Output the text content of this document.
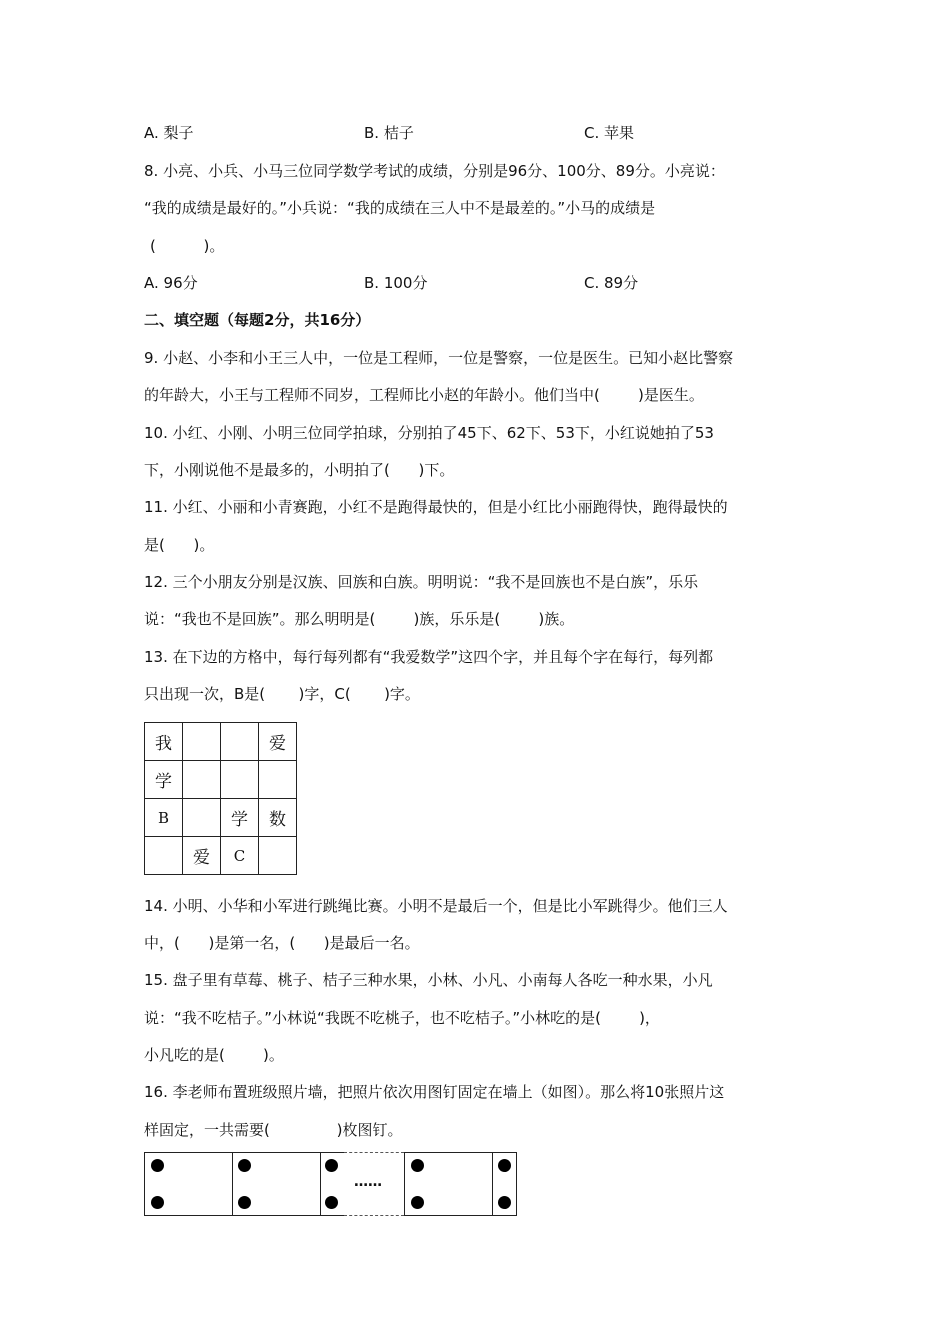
A. 梨子	B. 桔子	C. 苹果
8. 小亮、小兵、小马三位同学数学考试的成绩，分别是96分、100分、89分。小亮说：
“我的成绩是最好的。”小兵说：“我的成绩在三人中不是最差的。”小马的成绩是
(          )。
A. 96分	B. 100分	C. 89分
二、填空题（每题2分，共16分）
9. 小赵、小李和小王三人中，一位是工程师，一位是警察，一位是医生。已知小赵比警察
的年龄大，小王与工程师不同岁，工程师比小赵的年龄小。他们当中(        )是医生。
10. 小红、小刚、小明三位同学拍球，分别拍了45下、62下、53下，小红说她拍了53
下，小刚说他不是最多的，小明拍了(      )下。
11. 小红、小丽和小青赛跑，小红不是跑得最快的，但是小红比小丽跑得快，跑得最快的
是(      )。
12. 三个小朋友分别是汉族、回族和白族。明明说：“我不是回族也不是白族”，乐乐
说：“我也不是回族”。那么明明是(        )族，乐乐是(        )族。
13. 在下边的方格中，每行每列都有“我爱数学”这四个字，并且每个字在每行，每列都
只出现一次，B是(       )字，C(       )字。
我			爱
学			
B		学	数
	爱	C	
14. 小明、小华和小军进行跳绳比赛。小明不是最后一个，但是比小军跳得少。他们三人
中，(      )是第一名，(      )是最后一名。
15. 盘子里有草莓、桃子、桔子三种水果，小林、小凡、小南每人各吃一种水果，小凡
说：“我不吃桔子。”小林说“我既不吃桃子，也不吃桔子。”小林吃的是(        )，
小凡吃的是(        )。
16. 李老师布置班级照片墙，把照片依次用图钉固定在墙上（如图）。那么将10张照片这
样固定，一共需要(              )枚图钉。
……
